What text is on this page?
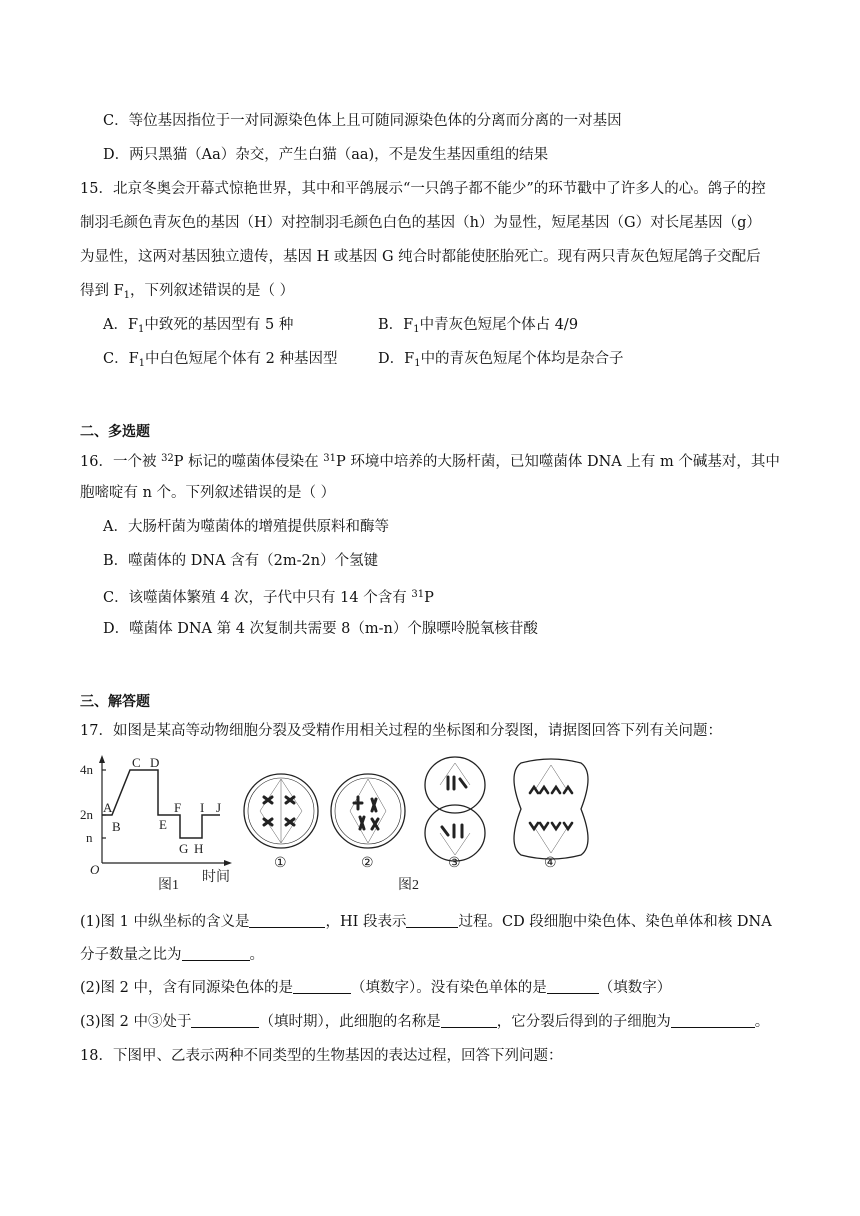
C．等位基因指位于一对同源染色体上且可随同源染色体的分离而分离的一对基因
D．两只黑猫（Aa）杂交，产生白猫（aa)，不是发生基因重组的结果
15．北京冬奥会开幕式惊艳世界，其中和平鸽展示“一只鸽子都不能少”的环节戳中了许多人的心。鸽子的控
制羽毛颜色青灰色的基因（H）对控制羽毛颜色白色的基因（h）为显性，短尾基因（G）对长尾基因（g）
为显性，这两对基因独立遗传，基因 H 或基因 G 纯合时都能使胚胎死亡。现有两只青灰色短尾鸽子交配后
得到 $F_1$，下列叙述错误的是（ ）
A．$F_1$中致死的基因型有 5 种	B．$F_1$中青灰色短尾个体占 4/9
C．$F_1$中白色短尾个体有 2 种基因型	D．$F_1$中的青灰色短尾个体均是杂合子
二、多选题
16．一个被 $^{32}$P 标记的噬菌体侵染在 $^{31}$P 环境中培养的大肠杆菌，已知噬菌体 DNA 上有 m 个碱基对，其中
胞嘧啶有 n 个。下列叙述错误的是（ ）
A．大肠杆菌为噬菌体的增殖提供原料和酶等
B．噬菌体的 DNA 含有（2m-2n）个氢键
C．该噬菌体繁殖 4 次，子代中只有 14 个含有 $^{31}$P
D．噬菌体 DNA 第 4 次复制共需要 8（m-n）个腺嘌呤脱氧核苷酸
三、解答题
17．如图是某高等动物细胞分裂及受精作用相关过程的坐标图和分裂图，请据图回答下列有关问题：
4n
2n
n
O
时间
A
B
C D
E
F
G H
I J
图1
①	②	③	④
图2
(1)图 1 中纵坐标的含义是	，HI 段表示	过程。CD 段细胞中染色体、染色单体和核 DNA
分子数量之比为	。
(2)图 2 中，含有同源染色体的是	（填数字）。没有染色单体的是	（填数字）
(3)图 2 中③处于	（填时期），此细胞的名称是	，它分裂后得到的子细胞为	。
18．下图甲、乙表示两种不同类型的生物基因的表达过程，回答下列问题：
